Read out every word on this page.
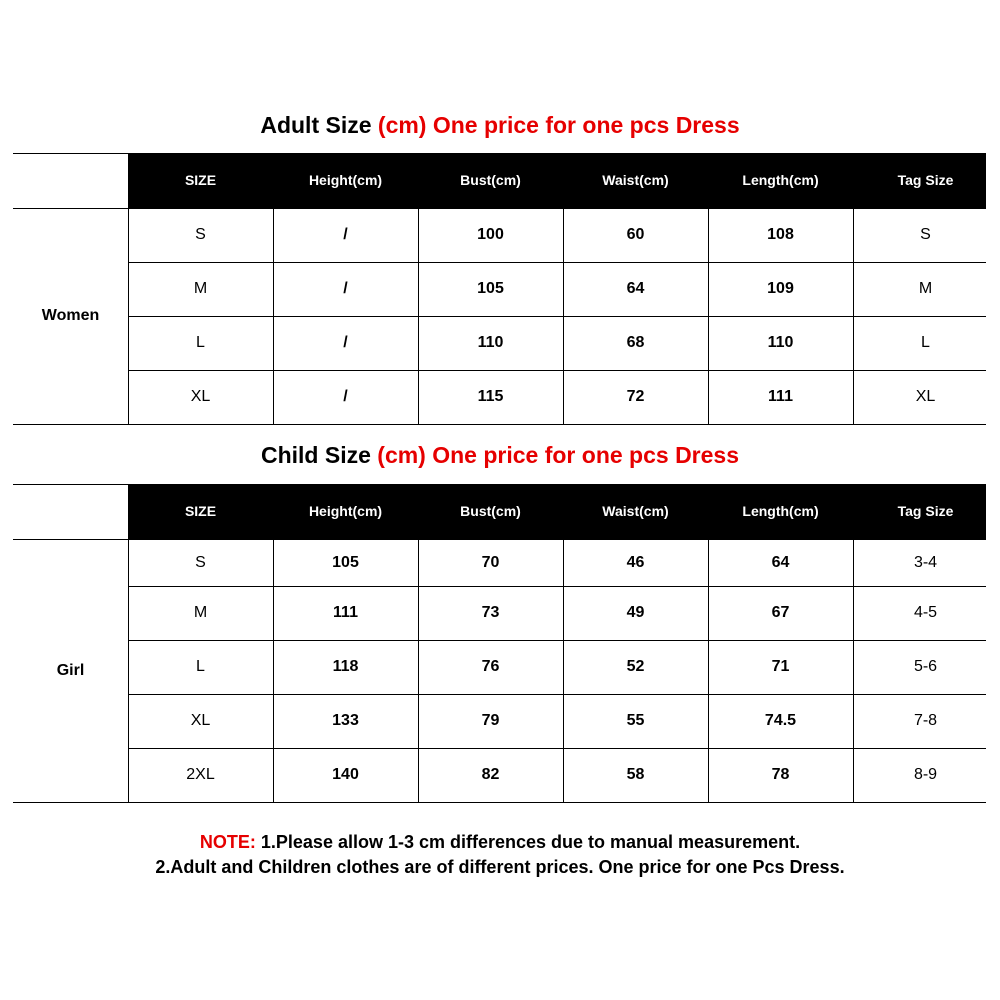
Adult Size (cm) One price for one pcs Dress
SIZE	Height(cm)	Bust(cm)	Waist(cm)	Length(cm)	Tag Size
S	/	100	60	108	S
M	/	105	64	109	M
L	/	110	68	110	L
XL	/	115	72	111	XL
Women
Child Size (cm) One price for one pcs Dress
SIZE	Height(cm)	Bust(cm)	Waist(cm)	Length(cm)	Tag Size
S	105	70	46	64	3-4
M	111	73	49	67	4-5
L	118	76	52	71	5-6
XL	133	79	55	74.5	7-8
2XL	140	82	58	78	8-9
Girl
NOTE: 1.Please allow 1-3 cm differences due to manual measurement.
2.Adult and Children clothes are of different prices. One price for one Pcs Dress.
